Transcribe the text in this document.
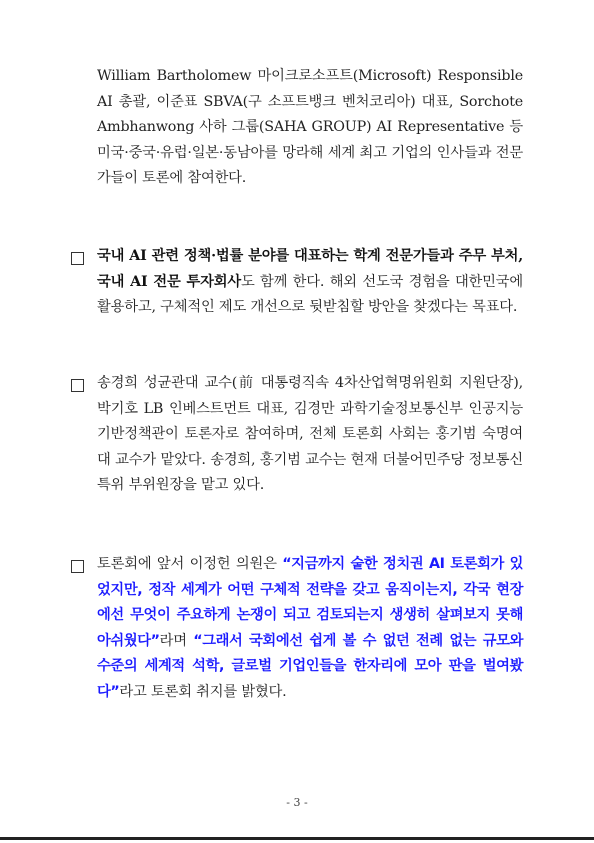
William Bartholomew 마이크로소프트(Microsoft) Responsible AI 총괄, 이준표 SBVA(구 소프트뱅크 벤처코리아) 대표, Sorchote Ambhanwong 사하 그룹(SAHA GROUP) AI Representative 등 미국·중국·유럽·일본·동남아를 망라해 세계 최고 기업의 인사들과 전문가들이 토론에 참여한다.

국내 AI 관련 정책·법률 분야를 대표하는 학계 전문가들과 주무 부처, 국내 AI 전문 투자회사도 함께 한다. 해외 선도국 경험을 대한민국에 활용하고, 구체적인 제도 개선으로 뒷받침할 방안을 찾겠다는 목표다.

송경희 성균관대 교수(前 대통령직속 4차산업혁명위원회 지원단장), 박기호 LB 인베스트먼트 대표, 김경만 과학기술정보통신부 인공지능기반정책관이 토론자로 참여하며, 전체 토론회 사회는 홍기범 숙명여대 교수가 맡았다. 송경희, 홍기범 교수는 현재 더불어민주당 정보통신특위 부위원장을 맡고 있다.

토론회에 앞서 이정헌 의원은 “지금까지 숱한 정치권 AI 토론회가 있었지만, 정작 세계가 어떤 구체적 전략을 갖고 움직이는지, 각국 현장에선 무엇이 주요하게 논쟁이 되고 검토되는지 생생히 살펴보지 못해 아쉬웠다”라며 “그래서 국회에선 쉽게 볼 수 없던 전례 없는 규모와 수준의 세계적 석학, 글로벌 기업인들을 한자리에 모아 판을 벌여봤다”라고 토론회 취지를 밝혔다.

- 3 -
